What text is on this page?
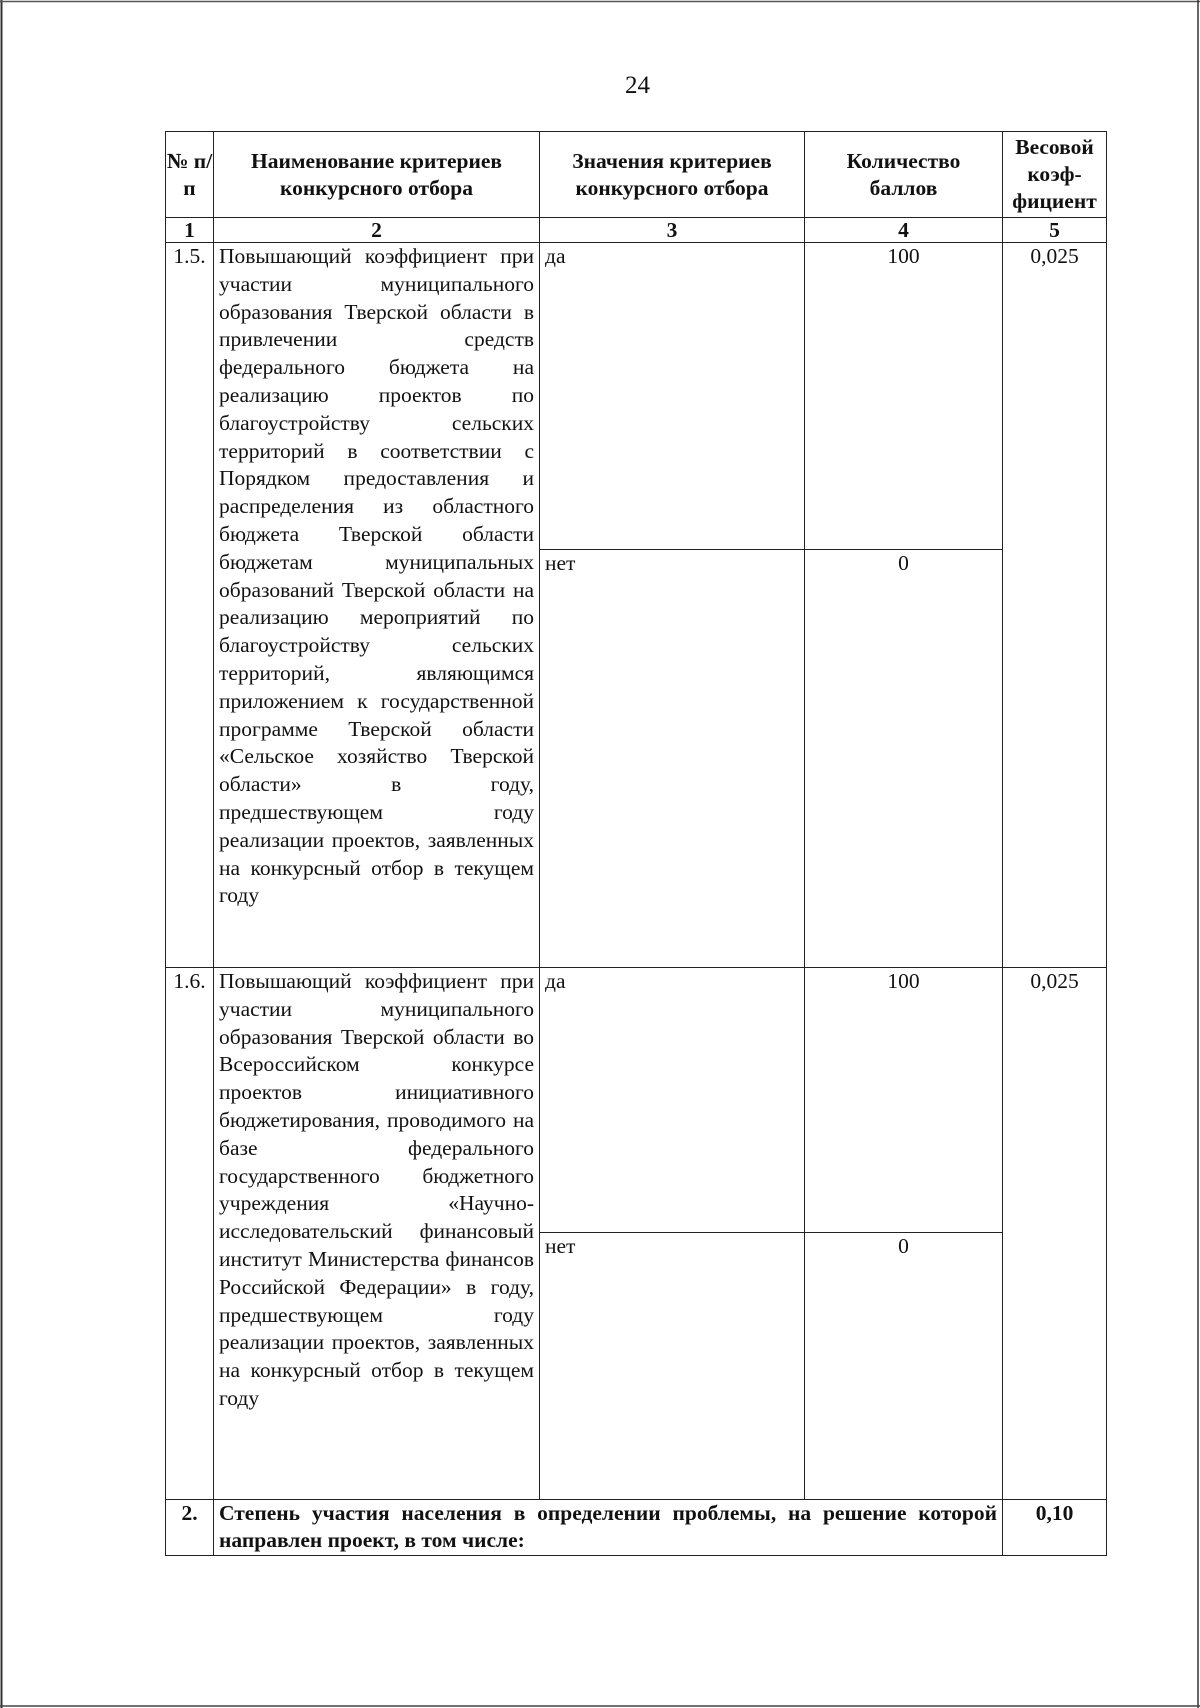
24
№ п/п	Наименование критериев конкурсного отбора	Значения критериев конкурсного отбора	Количество баллов	Весовой коэф-фициент
1	2	3	4	5
1.5.	Повышающий коэффициент при участии муниципального образования Тверской области в привлечении средств федерального бюджета на реализацию проектов по благоустройству сельских территорий в соответствии с Порядком предоставления и распределения из областного бюджета Тверской области бюджетам муниципальных образований Тверской области на реализацию мероприятий по благоустройству сельских территорий, являющимся приложением к государственной программе Тверской области «Сельское хозяйство Тверской области» в году, предшествующем году реализации проектов, заявленных на конкурсный отбор в текущем году	да	100	0,025
		нет	0	
1.6.	Повышающий коэффициент при участии муниципального образования Тверской области во Всероссийском конкурсе проектов инициативного бюджетирования, проводимого на базе федерального государственного бюджетного учреждения «Научно-исследовательский финансовый институт Министерства финансов Российской Федерации» в году, предшествующем году реализации проектов, заявленных на конкурсный отбор в текущем году	да	100	0,025
		нет	0	
2.	Степень участия населения в определении проблемы, на решение которой направлен проект, в том числе:			0,10
